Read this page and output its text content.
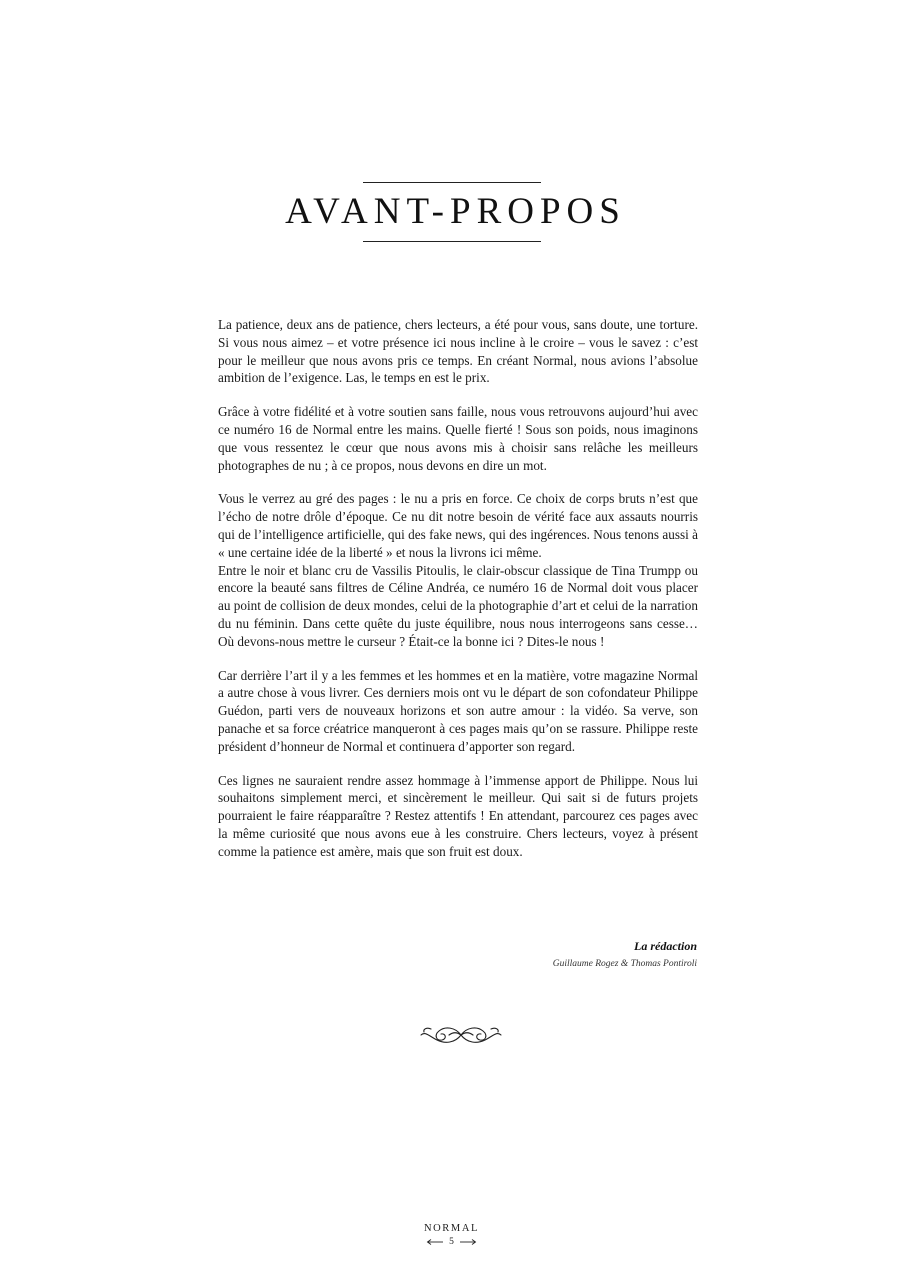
AVANT-PROPOS

La patience, deux ans de patience, chers lecteurs, a été pour vous, sans doute, une torture. Si vous nous aimez – et votre présence ici nous incline à le croire – vous le savez : c’est pour le meilleur que nous avons pris ce temps. En créant Normal, nous avions l’absolue ambition de l’exigence. Las, le temps en est le prix.

Grâce à votre fidélité et à votre soutien sans faille, nous vous retrouvons aujourd’hui avec ce numéro 16 de Normal entre les mains. Quelle fierté ! Sous son poids, nous imaginons que vous ressentez le cœur que nous avons mis à choisir sans relâche les meilleurs photographes de nu ; à ce propos, nous devons en dire un mot.

Vous le verrez au gré des pages : le nu a pris en force. Ce choix de corps bruts n’est que l’écho de notre drôle d’époque. Ce nu dit notre besoin de vérité face aux assauts nourris qui de l’intelligence artificielle, qui des fake news, qui des ingérences. Nous tenons aussi à « une certaine idée de la liberté » et nous la livrons ici même.

Entre le noir et blanc cru de Vassilis Pitoulis, le clair-obscur classique de Tina Trumpp ou encore la beauté sans filtres de Céline Andréa, ce numéro 16 de Normal doit vous placer au point de collision de deux mondes, celui de la photographie d’art et celui de la narration du nu féminin. Dans cette quête du juste équilibre, nous nous interrogeons sans cesse… Où devons-nous mettre le curseur ? Était-ce la bonne ici ? Dites-le nous !

Car derrière l’art il y a les femmes et les hommes et en la matière, votre magazine Normal a autre chose à vous livrer. Ces derniers mois ont vu le départ de son cofondateur Philippe Guédon, parti vers de nouveaux horizons et son autre amour : la vidéo. Sa verve, son panache et sa force créatrice manqueront à ces pages mais qu’on se rassure. Philippe reste président d’honneur de Normal et continuera d’apporter son regard.

Ces lignes ne sauraient rendre assez hommage à l’immense apport de Philippe. Nous lui souhaitons simplement merci, et sincèrement le meilleur. Qui sait si de futurs projets pourraient le faire réapparaître ? Restez attentifs ! En attendant, parcourez ces pages avec la même curiosité que nous avons eue à les construire. Chers lecteurs, voyez à présent comme la patience est amère, mais que son fruit est doux.

La rédaction
Guillaume Rogez & Thomas Pontiroli
NORMAL
5
